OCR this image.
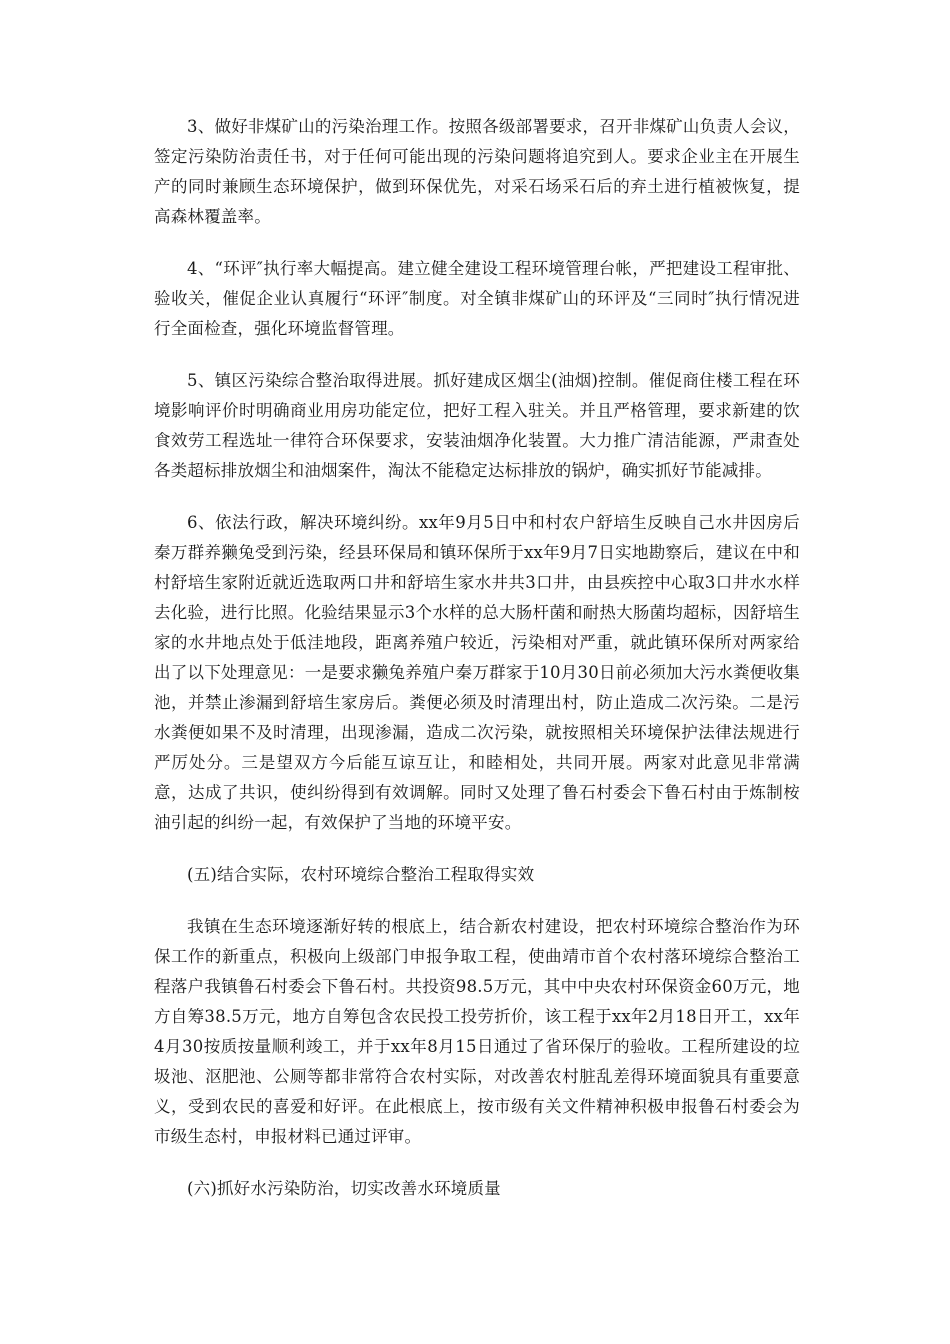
3、做好非煤矿山的污染治理工作。按照各级部署要求，召开非煤矿山负责人会议，签定污染防治责任书，对于任何可能出现的污染问题将追究到人。要求企业主在开展生产的同时兼顾生态环境保护，做到环保优先，对采石场采石后的弃土进行植被恢复，提高森林覆盖率。

4、“环评″执行率大幅提高。建立健全建设工程环境管理台帐，严把建设工程审批、验收关，催促企业认真履行“环评″制度。对全镇非煤矿山的环评及“三同时″执行情况进行全面检查，强化环境监督管理。

5、镇区污染综合整治取得进展。抓好建成区烟尘(油烟)控制。催促商住楼工程在环境影响评价时明确商业用房功能定位，把好工程入驻关。并且严格管理，要求新建的饮食效劳工程选址一律符合环保要求，安装油烟净化装置。大力推广清洁能源，严肃查处各类超标排放烟尘和油烟案件，淘汰不能稳定达标排放的锅炉，确实抓好节能减排。

6、依法行政，解决环境纠纷。xx年9月5日中和村农户舒培生反映自己水井因房后秦万群养獭兔受到污染，经县环保局和镇环保所于xx年9月7日实地勘察后，建议在中和村舒培生家附近就近选取两口井和舒培生家水井共3口井，由县疾控中心取3口井水水样去化验，进行比照。化验结果显示3个水样的总大肠杆菌和耐热大肠菌均超标，因舒培生家的水井地点处于低洼地段，距离养殖户较近，污染相对严重，就此镇环保所对两家给出了以下处理意见：一是要求獭兔养殖户秦万群家于10月30日前必须加大污水粪便收集池，并禁止渗漏到舒培生家房后。粪便必须及时清理出村，防止造成二次污染。二是污水粪便如果不及时清理，出现渗漏，造成二次污染，就按照相关环境保护法律法规进行严厉处分。三是望双方今后能互谅互让，和睦相处，共同开展。两家对此意见非常满意，达成了共识，使纠纷得到有效调解。同时又处理了鲁石村委会下鲁石村由于炼制桉油引起的纠纷一起，有效保护了当地的环境平安。

(五)结合实际，农村环境综合整治工程取得实效

我镇在生态环境逐渐好转的根底上，结合新农村建设，把农村环境综合整治作为环保工作的新重点，积极向上级部门申报争取工程，使曲靖市首个农村落环境综合整治工程落户我镇鲁石村委会下鲁石村。共投资98.5万元，其中中央农村环保资金60万元，地方自筹38.5万元，地方自筹包含农民投工投劳折价，该工程于xx年2月18日开工，xx年4月30按质按量顺利竣工，并于xx年8月15日通过了省环保厅的验收。工程所建设的垃圾池、沤肥池、公厕等都非常符合农村实际，对改善农村脏乱差得环境面貌具有重要意义，受到农民的喜爱和好评。在此根底上，按市级有关文件精神积极申报鲁石村委会为市级生态村，申报材料已通过评审。

(六)抓好水污染防治，切实改善水环境质量
